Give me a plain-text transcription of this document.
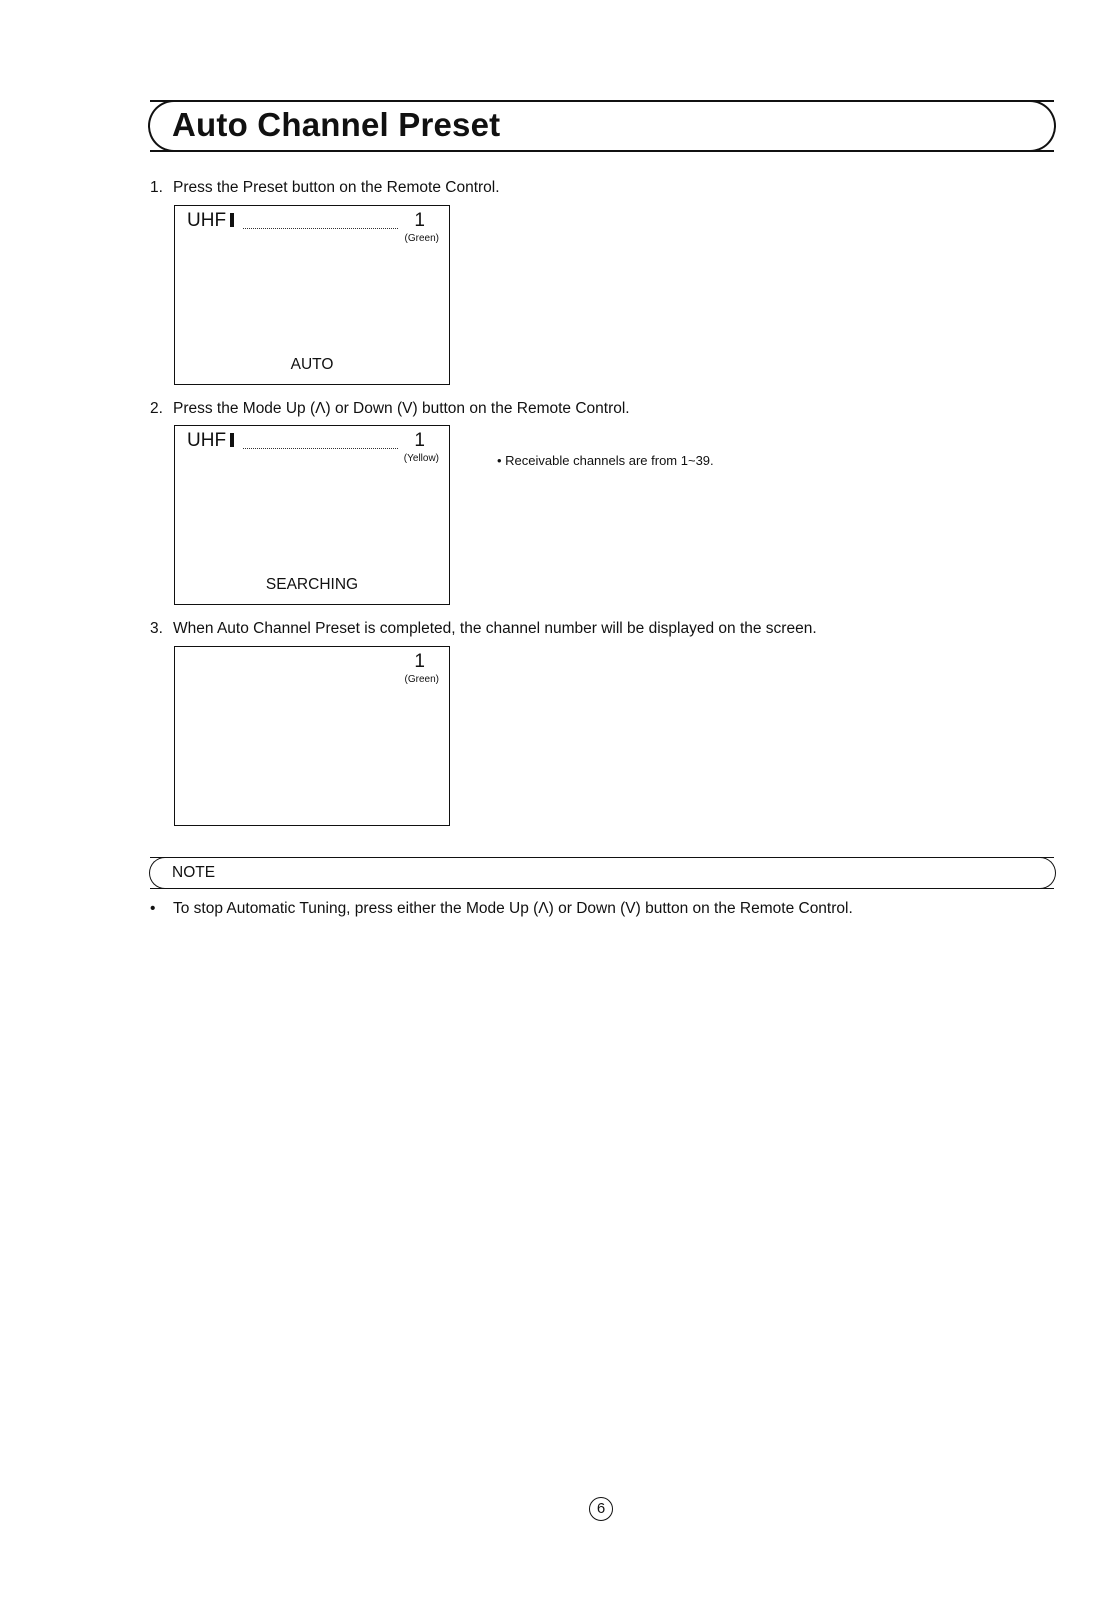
Auto Channel Preset
1. Press the Preset button on the Remote Control.
UHF	1
(Green)
AUTO
2. Press the Mode Up (Λ) or Down (V) button on the Remote Control.
UHF	1
(Yellow)
SEARCHING
• Receivable channels are from 1~39.
3. When Auto Channel Preset is completed, the channel number will be displayed on the screen.
1
(Green)
NOTE
• To stop Automatic Tuning, press either the Mode Up (Λ) or Down (V) button on the Remote Control.
6
